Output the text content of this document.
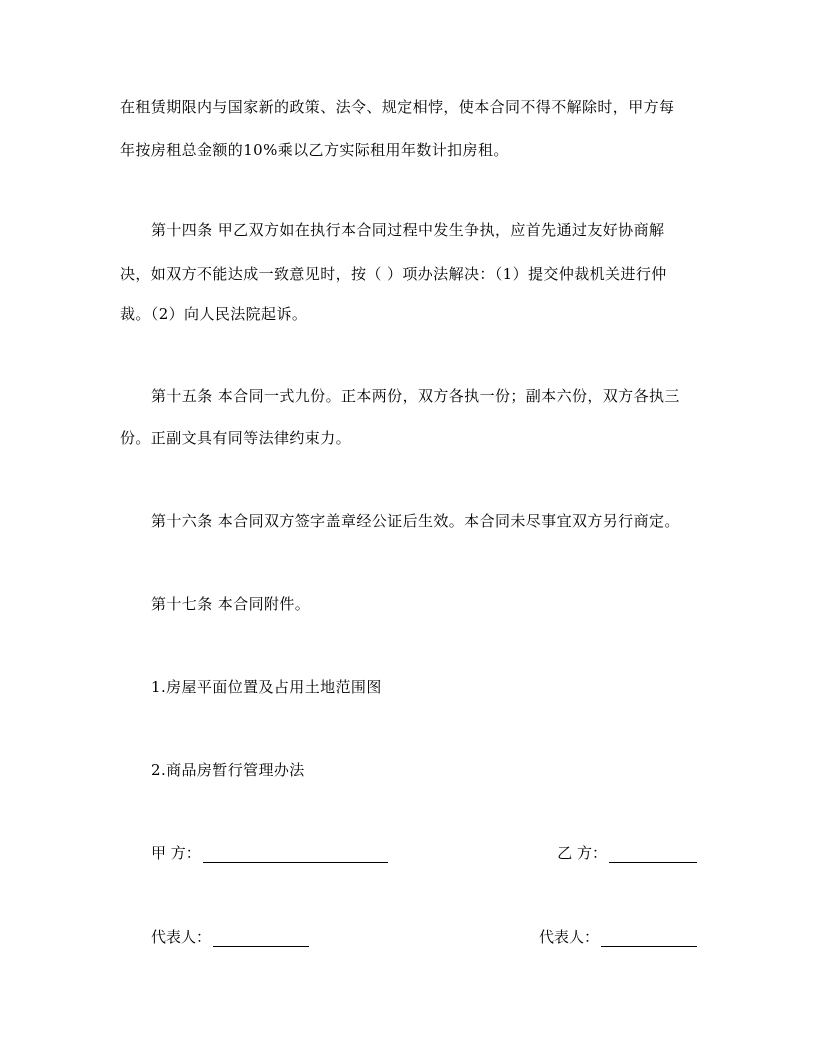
在租赁期限内与国家新的政策、法令、规定相悖，使本合同不得不解除时，甲方每
年按房租总金额的10%乘以乙方实际租用年数计扣房租。
第十四条 甲乙双方如在执行本合同过程中发生争执，应首先通过友好协商解
决，如双方不能达成一致意见时，按（ ）项办法解决：（1）提交仲裁机关进行仲
裁。（2）向人民法院起诉。
第十五条 本合同一式九份。正本两份，双方各执一份；副本六份，双方各执三
份。正副文具有同等法律约束力。
第十六条 本合同双方签字盖章经公证后生效。本合同未尽事宜双方另行商定。
第十七条 本合同附件。
1.房屋平面位置及占用土地范围图
2.商品房暂行管理办法
甲 方：	乙 方：
代表人：	代表人：
